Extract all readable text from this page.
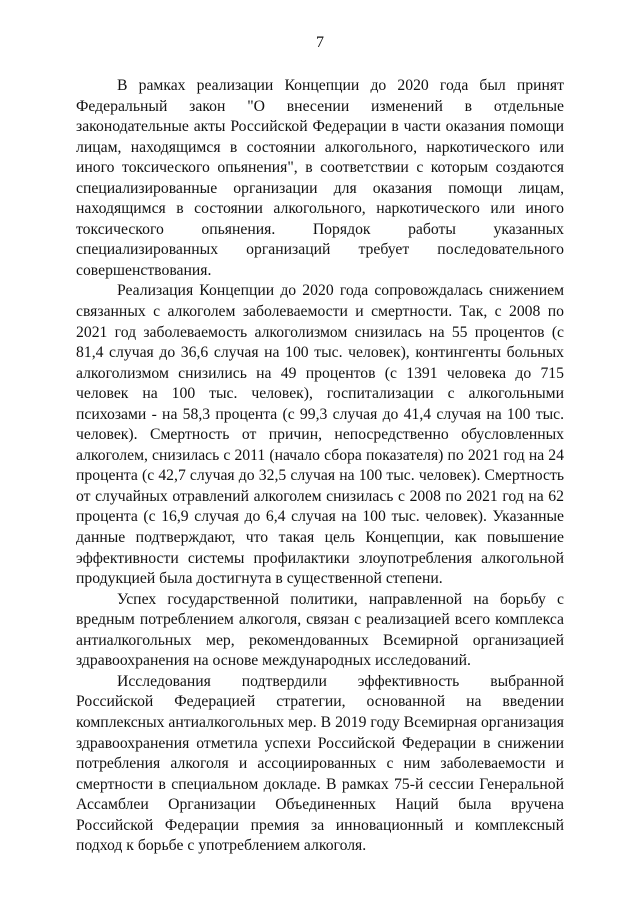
7

В рамках реализации Концепции до 2020 года был принят Федеральный закон "О внесении изменений в отдельные законодательные акты Российской Федерации в части оказания помощи лицам, находящимся в состоянии алкогольного, наркотического или иного токсического опьянения", в соответствии с которым создаются специализированные организации для оказания помощи лицам, находящимся в состоянии алкогольного, наркотического или иного токсического опьянения. Порядок работы указанных специализированных организаций требует последовательного совершенствования.

Реализация Концепции до 2020 года сопровождалась снижением связанных с алкоголем заболеваемости и смертности. Так, с 2008 по 2021 год заболеваемость алкоголизмом снизилась на 55 процентов (с 81,4 случая до 36,6 случая на 100 тыс. человек), контингенты больных алкоголизмом снизились на 49 процентов (с 1391 человека до 715 человек на 100 тыс. человек), госпитализации с алкогольными психозами - на 58,3 процента (с 99,3 случая до 41,4 случая на 100 тыс. человек). Смертность от причин, непосредственно обусловленных алкоголем, снизилась с 2011 (начало сбора показателя) по 2021 год на 24 процента (с 42,7 случая до 32,5 случая на 100 тыс. человек). Смертность от случайных отравлений алкоголем снизилась с 2008 по 2021 год на 62 процента (с 16,9 случая до 6,4 случая на 100 тыс. человек). Указанные данные подтверждают, что такая цель Концепции, как повышение эффективности системы профилактики злоупотребления алкогольной продукцией была достигнута в существенной степени.

Успех государственной политики, направленной на борьбу с вредным потреблением алкоголя, связан с реализацией всего комплекса антиалкогольных мер, рекомендованных Всемирной организацией здравоохранения на основе международных исследований.

Исследования подтвердили эффективность выбранной Российской Федерацией стратегии, основанной на введении комплексных антиалкогольных мер. В 2019 году Всемирная организация здравоохранения отметила успехи Российской Федерации в снижении потребления алкоголя и ассоциированных с ним заболеваемости и смертности в специальном докладе. В рамках 75-й сессии Генеральной Ассамблеи Организации Объединенных Наций была вручена Российской Федерации премия за инновационный и комплексный подход к борьбе с употреблением алкоголя.
